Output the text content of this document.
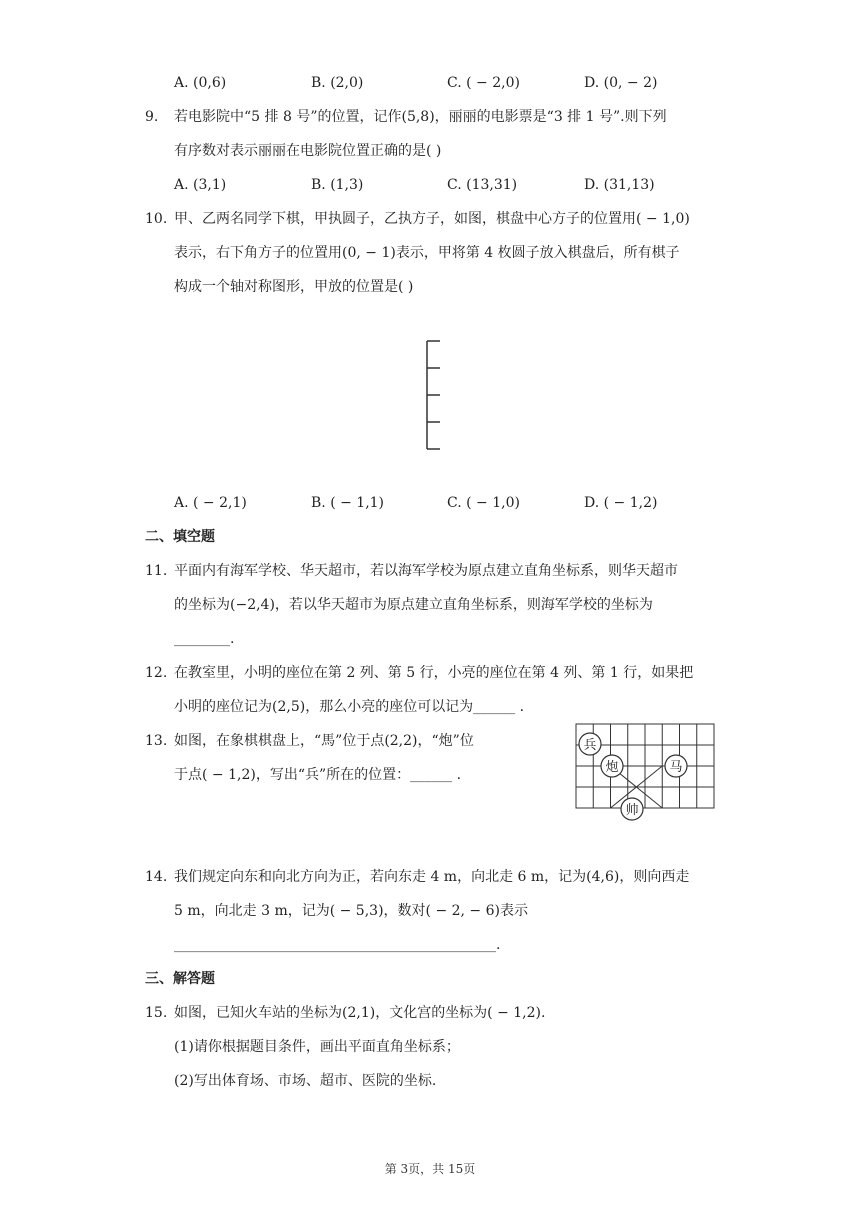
A. (0,6)	B. (2,0)	C. ( − 2,0)	D. (0, − 2)
9. 若电影院中“5 排 8 号”的位置，记作(5,8)，丽丽的电影票是“3 排 1 号”.则下列
有序数对表示丽丽在电影院位置正确的是( )
A. (3,1)	B. (1,3)	C. (13,31)	D. (31,13)
10. 甲、乙两名同学下棋，甲执圆子，乙执方子，如图，棋盘中心方子的位置用( − 1,0)
表示，右下角方子的位置用(0, − 1)表示，甲将第 4 枚圆子放入棋盘后，所有棋子
构成一个轴对称图形，甲放的位置是( )
A. ( − 2,1)	B. ( − 1,1)	C. ( − 1,0)	D. ( − 1,2)
二、填空题
11. 平面内有海军学校、华天超市，若以海军学校为原点建立直角坐标系，则华天超市
的坐标为(−2,4)，若以华天超市为原点建立直角坐标系，则海军学校的坐标为
________.
12. 在教室里，小明的座位在第 2 列、第 5 行，小亮的座位在第 4 列、第 1 行，如果把
小明的座位记为(2,5)，那么小亮的座位可以记为______ .
13. 如图，在象棋棋盘上，“馬”位于点(2,2)，“炮”位
于点( − 1,2)，写出“兵”所在的位置：______ .
兵
炮	马
帅
14. 我们规定向东和向北方向为正，若向东走 4 m，向北走 6 m，记为(4,6)，则向西走
5 m，向北走 3 m，记为( − 5,3)，数对( − 2, − 6)表示
______________________________________________.
三、解答题
15. 如图，已知火车站的坐标为(2,1)，文化宫的坐标为( − 1,2).
(1)请你根据题目条件，画出平面直角坐标系；
(2)写出体育场、市场、超市、医院的坐标.
第 3页，共 15页
